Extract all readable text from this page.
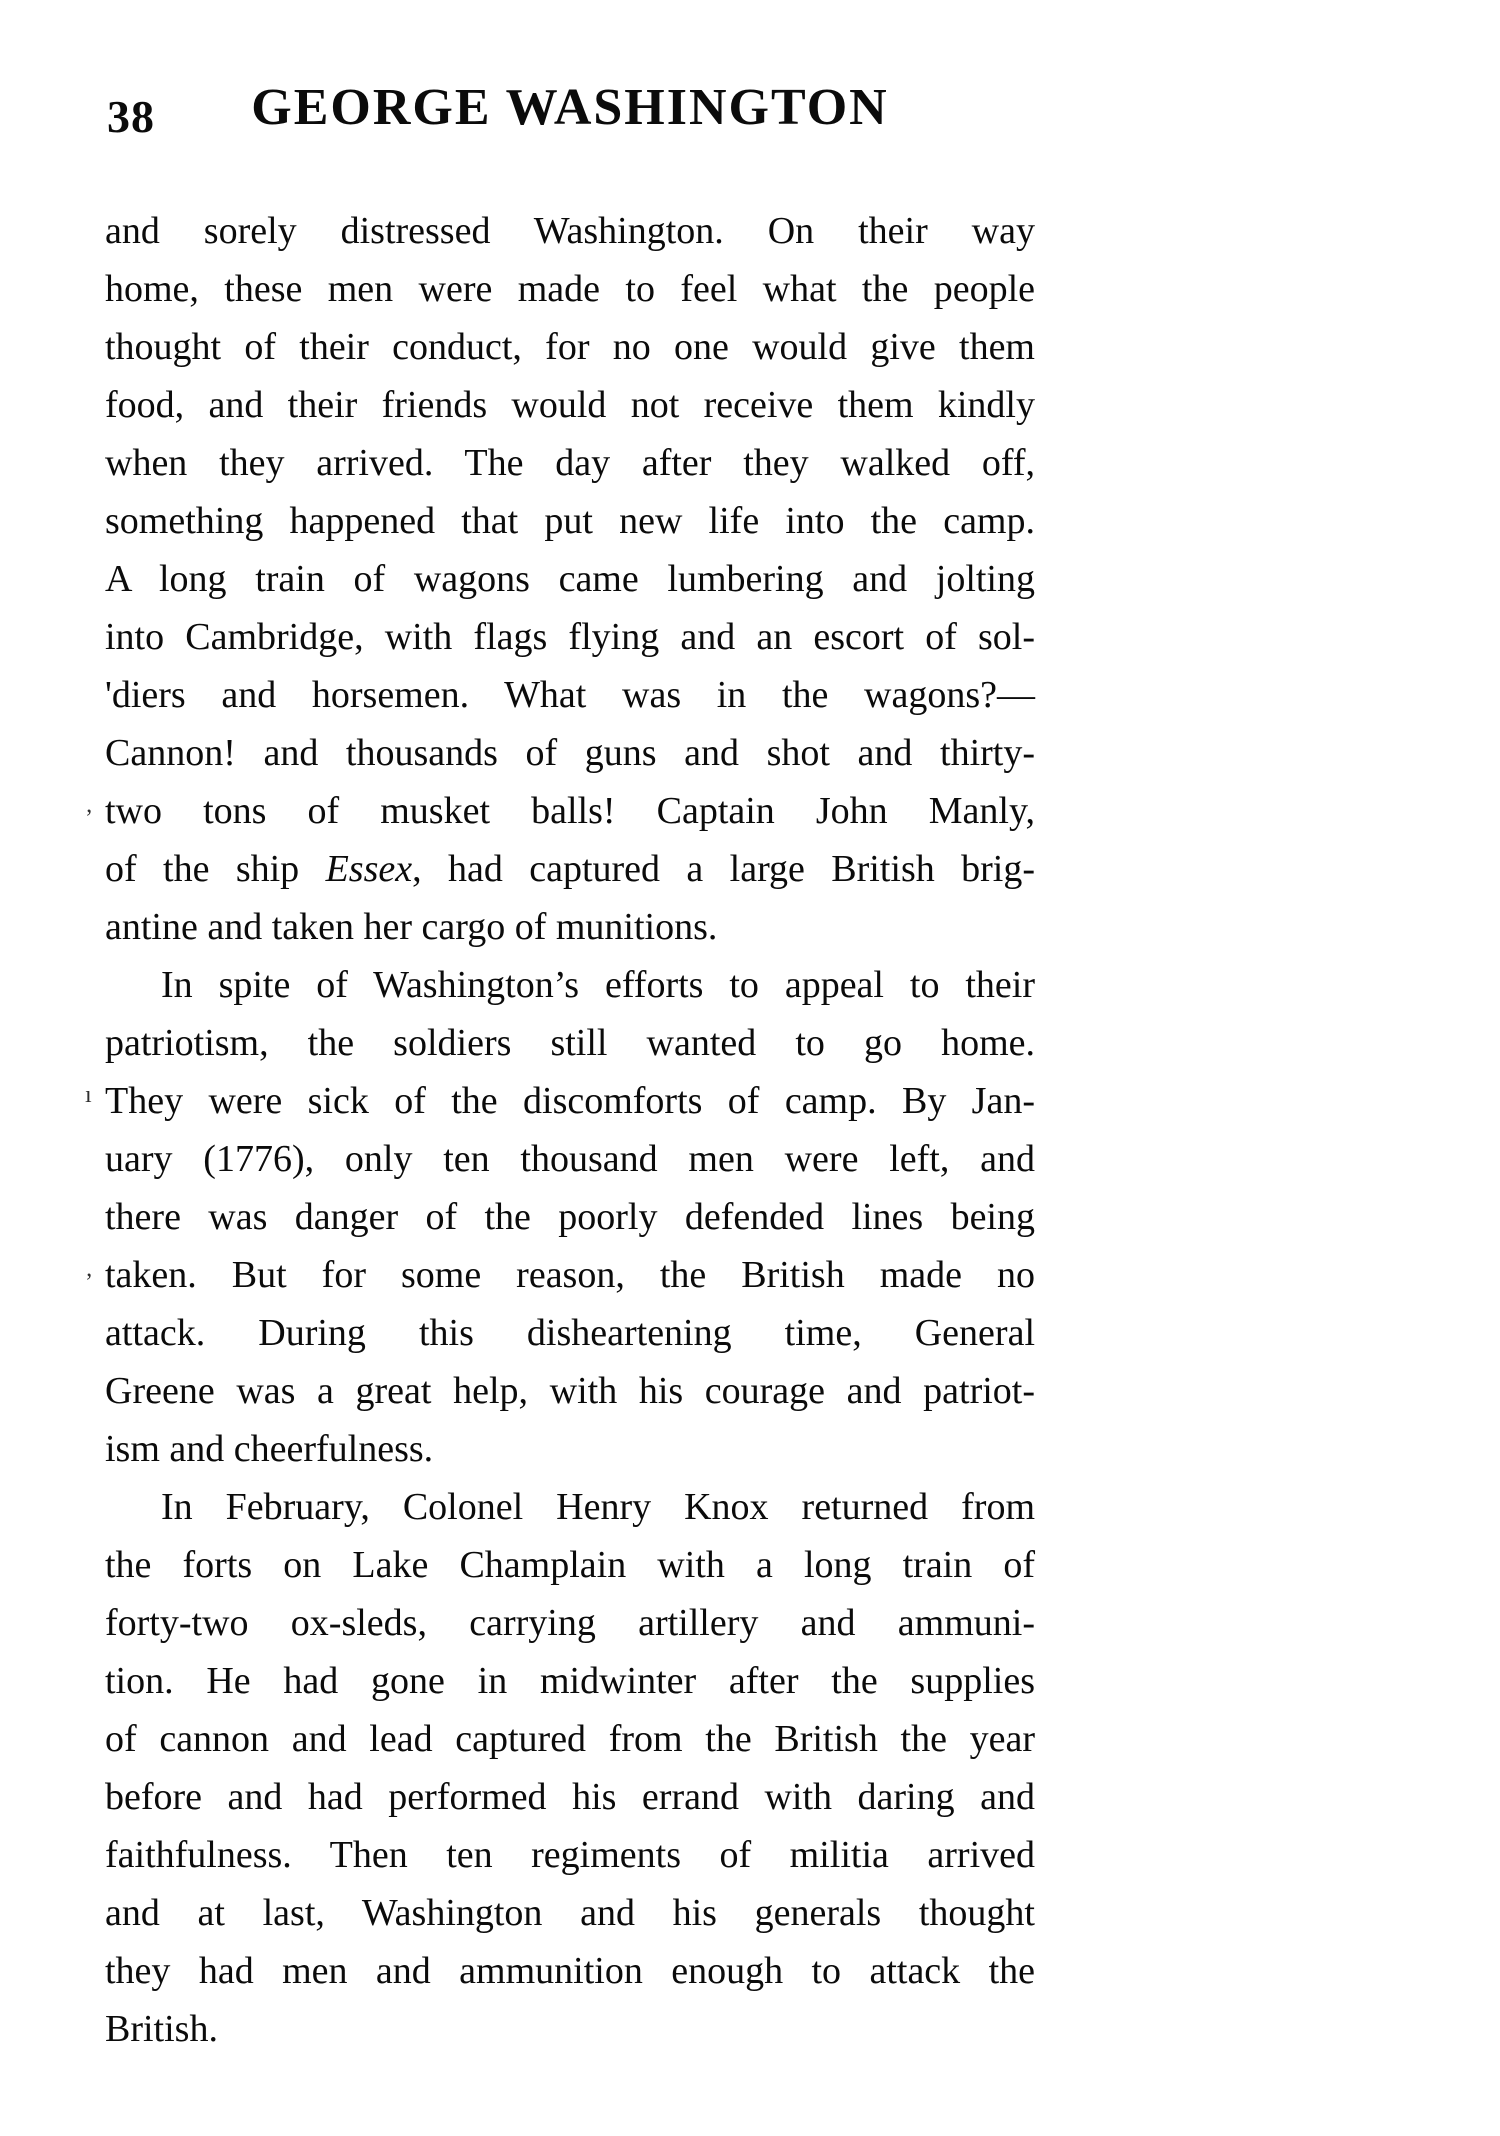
38	GEORGE WASHINGTON
and sorely distressed Washington. On their way
home, these men were made to feel what the people
thought of their conduct, for no one would give them
food, and their friends would not receive them kindly
when they arrived. The day after they walked off,
something happened that put new life into the camp.
A long train of wagons came lumbering and jolting
into Cambridge, with flags flying and an escort of sol-
'diers and horsemen. What was in the wagons?—
Cannon! and thousands of guns and shot and thirty-
‚ two tons of musket balls! Captain John Manly,
of the ship Essex, had captured a large British brig-
antine and taken her cargo of munitions.
In spite of Washington’s efforts to appeal to their
patriotism, the soldiers still wanted to go home.
ı They were sick of the discomforts of camp. By Jan-
uary (1776), only ten thousand men were left, and
there was danger of the poorly defended lines being
‚ taken. But for some reason, the British made no
attack. During this disheartening time, General
Greene was a great help, with his courage and patriot-
ism and cheerfulness.
In February, Colonel Henry Knox returned from
the forts on Lake Champlain with a long train of
forty-two ox-sleds, carrying artillery and ammuni-
tion. He had gone in midwinter after the supplies
of cannon and lead captured from the British the year
before and had performed his errand with daring and
faithfulness. Then ten regiments of militia arrived
and at last, Washington and his generals thought
they had men and ammunition enough to attack the
British.
